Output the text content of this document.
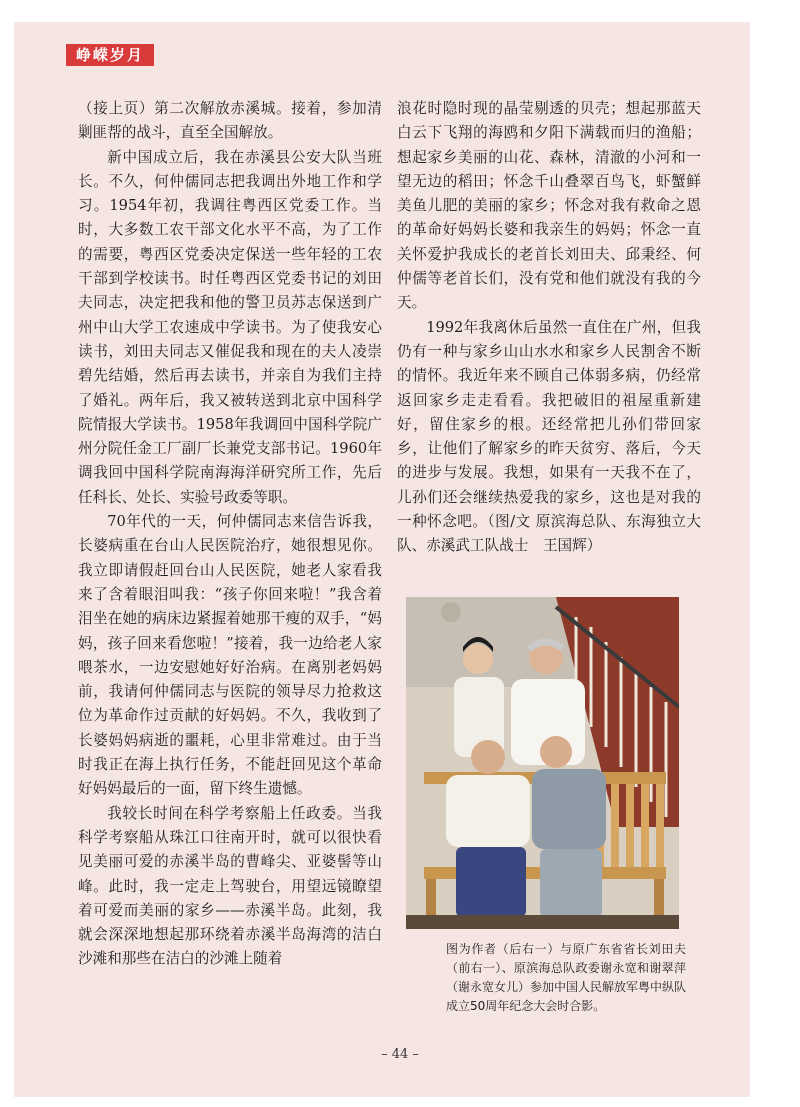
峥嵘岁月

（接上页）第二次解放赤溪城。接着，参加清剿匪帮的战斗，直至全国解放。

新中国成立后，我在赤溪县公安大队当班长。不久，何仲儒同志把我调出外地工作和学习。1954年初，我调往粤西区党委工作。当时，大多数工农干部文化水平不高，为了工作的需要，粤西区党委决定保送一些年轻的工农干部到学校读书。时任粤西区党委书记的刘田夫同志，决定把我和他的警卫员苏志保送到广州中山大学工农速成中学读书。为了使我安心读书，刘田夫同志又催促我和现在的夫人凌崇碧先结婚，然后再去读书，并亲自为我们主持了婚礼。两年后，我又被转送到北京中国科学院情报大学读书。1958年我调回中国科学院广州分院任金工厂副厂长兼党支部书记。1960年调我回中国科学院南海海洋研究所工作，先后任科长、处长、实验号政委等职。

70年代的一天，何仲儒同志来信告诉我，长婆病重在台山人民医院治疗，她很想见你。我立即请假赶回台山人民医院，她老人家看我来了含着眼泪叫我：“孩子你回来啦！”我含着泪坐在她的病床边紧握着她那干瘦的双手，“妈妈，孩子回来看您啦！”接着，我一边给老人家喂茶水，一边安慰她好好治病。在离别老妈妈前，我请何仲儒同志与医院的领导尽力抢救这位为革命作过贡献的好妈妈。不久，我收到了长婆妈妈病逝的噩耗，心里非常难过。由于当时我正在海上执行任务，不能赶回见这个革命好妈妈最后的一面，留下终生遗憾。

我较长时间在科学考察船上任政委。当我科学考察船从珠江口往南开时，就可以很快看见美丽可爱的赤溪半岛的曹峰尖、亚婆髻等山峰。此时，我一定走上驾驶台，用望远镜瞭望着可爱而美丽的家乡——赤溪半岛。此刻，我就会深深地想起那环绕着赤溪半岛海湾的洁白沙滩和那些在洁白的沙滩上随着

浪花时隐时现的晶莹剔透的贝壳；想起那蓝天白云下飞翔的海鸥和夕阳下满载而归的渔船；想起家乡美丽的山花、森林，清澈的小河和一望无边的稻田；怀念千山叠翠百鸟飞，虾蟹鲜美鱼儿肥的美丽的家乡；怀念对我有救命之恩的革命好妈妈长婆和我亲生的妈妈；怀念一直关怀爱护我成长的老首长刘田夫、邱秉经、何仲儒等老首长们，没有党和他们就没有我的今天。

1992年我离休后虽然一直住在广州，但我仍有一种与家乡山山水水和家乡人民割舍不断的情怀。我近年来不顾自己体弱多病，仍经常返回家乡走走看看。我把破旧的祖屋重新建好，留住家乡的根。还经常把儿孙们带回家乡，让他们了解家乡的昨天贫穷、落后，今天的进步与发展。我想，如果有一天我不在了，儿孙们还会继续热爱我的家乡，这也是对我的一种怀念吧。（图/文 原滨海总队、东海独立大队、赤溪武工队战士　王国辉）

图为作者（后右一）与原广东省省长刘田夫（前右一）、原滨海总队政委谢永宽和谢翠萍（谢永宽女儿）参加中国人民解放军粤中纵队成立50周年纪念大会时合影。
– 44 –
